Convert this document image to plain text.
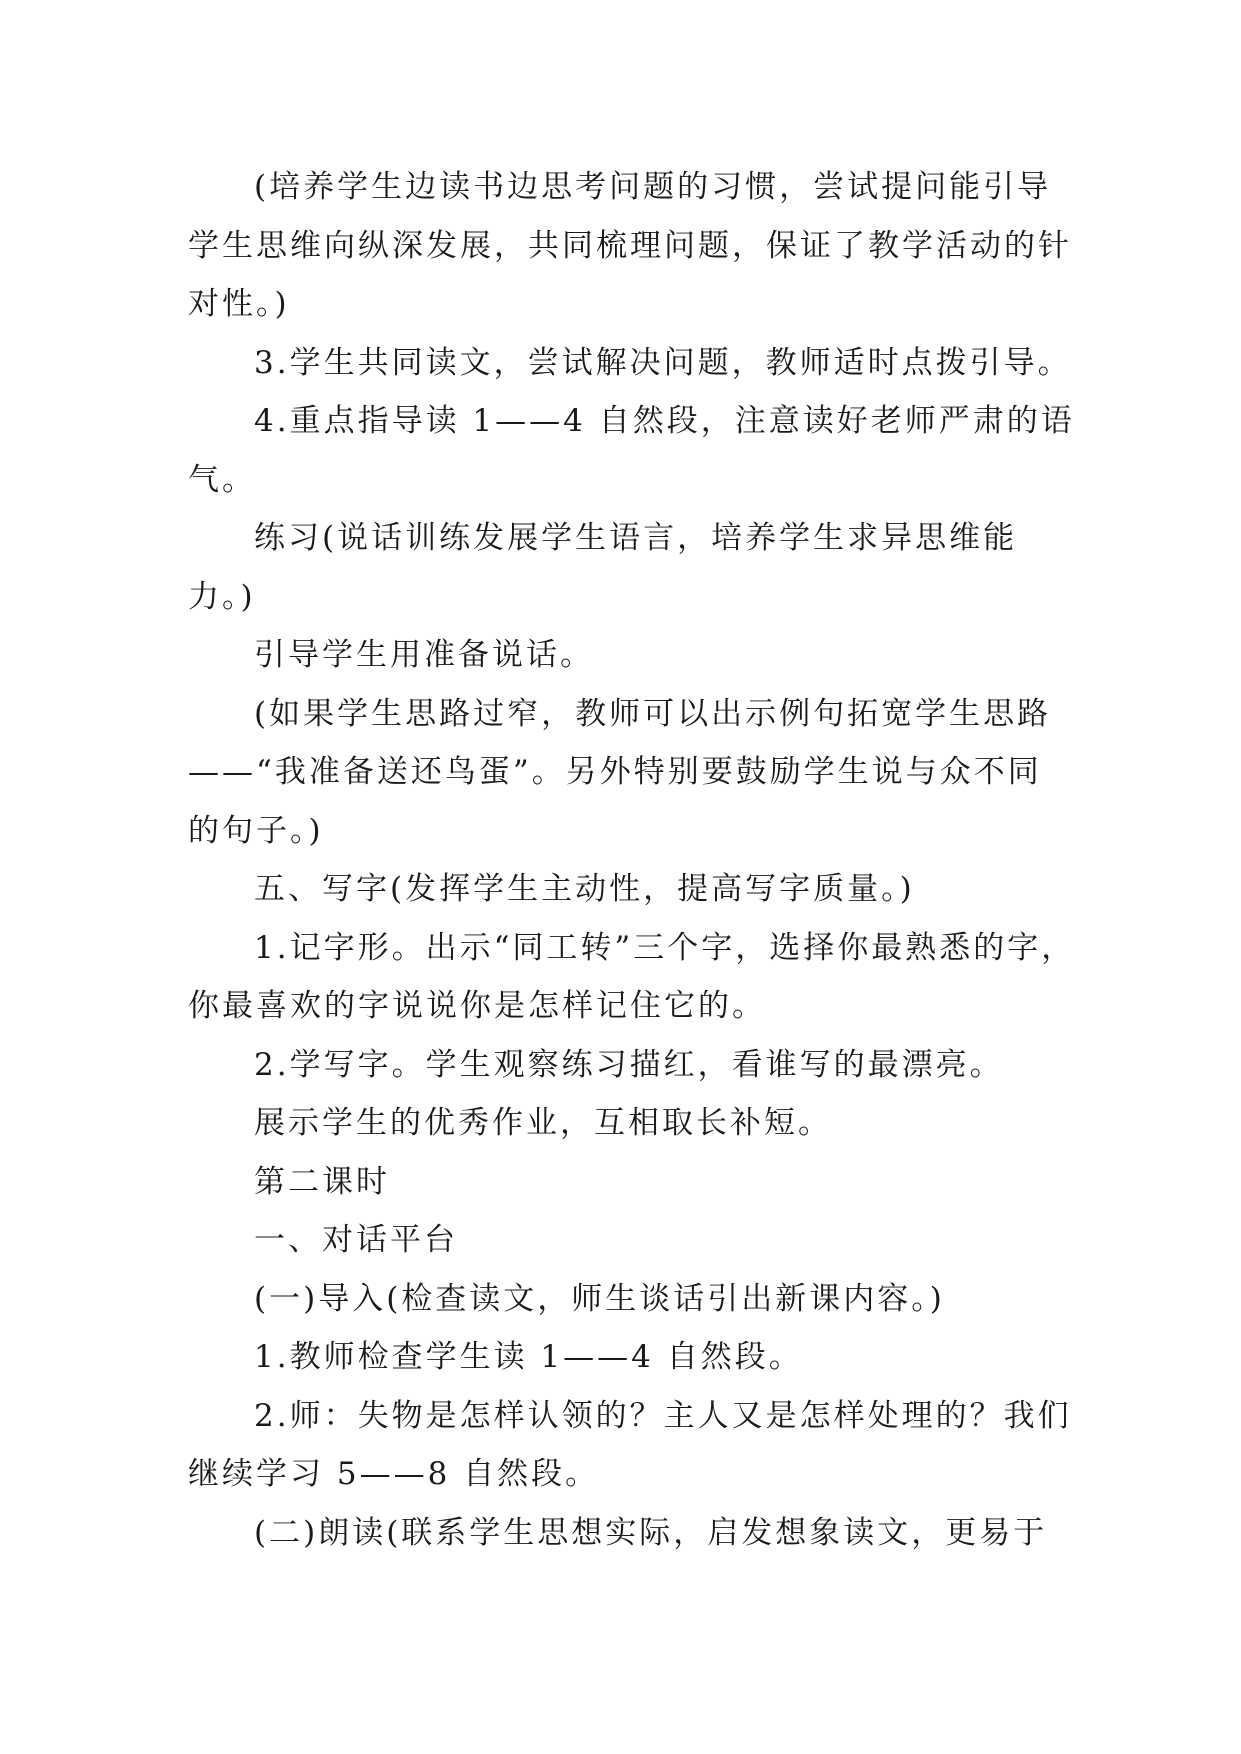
(培养学生边读书边思考问题的习惯，尝试提问能引导
学生思维向纵深发展，共同梳理问题，保证了教学活动的针
对性。)
3.学生共同读文，尝试解决问题，教师适时点拨引导。
4.重点指导读 1——4 自然段，注意读好老师严肃的语
气。
练习(说话训练发展学生语言，培养学生求异思维能
力。)
引导学生用准备说话。
(如果学生思路过窄，教师可以出示例句拓宽学生思路
——“我准备送还鸟蛋”。另外特别要鼓励学生说与众不同
的句子。)
五、写字(发挥学生主动性，提高写字质量。)
1.记字形。出示“同工转”三个字，选择你最熟悉的字，
你最喜欢的字说说你是怎样记住它的。
2.学写字。学生观察练习描红，看谁写的最漂亮。
展示学生的优秀作业，互相取长补短。
第二课时
一、对话平台
(一)导入(检查读文，师生谈话引出新课内容。)
1.教师检查学生读 1——4 自然段。
2.师：失物是怎样认领的？主人又是怎样处理的？我们
继续学习 5——8 自然段。
(二)朗读(联系学生思想实际，启发想象读文，更易于
